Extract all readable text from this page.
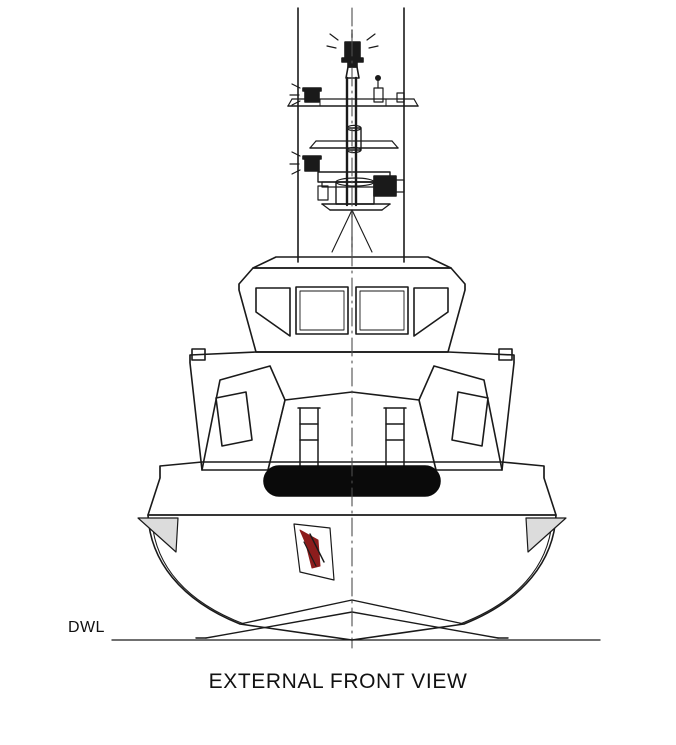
DWL
EXTERNAL FRONT VIEW
